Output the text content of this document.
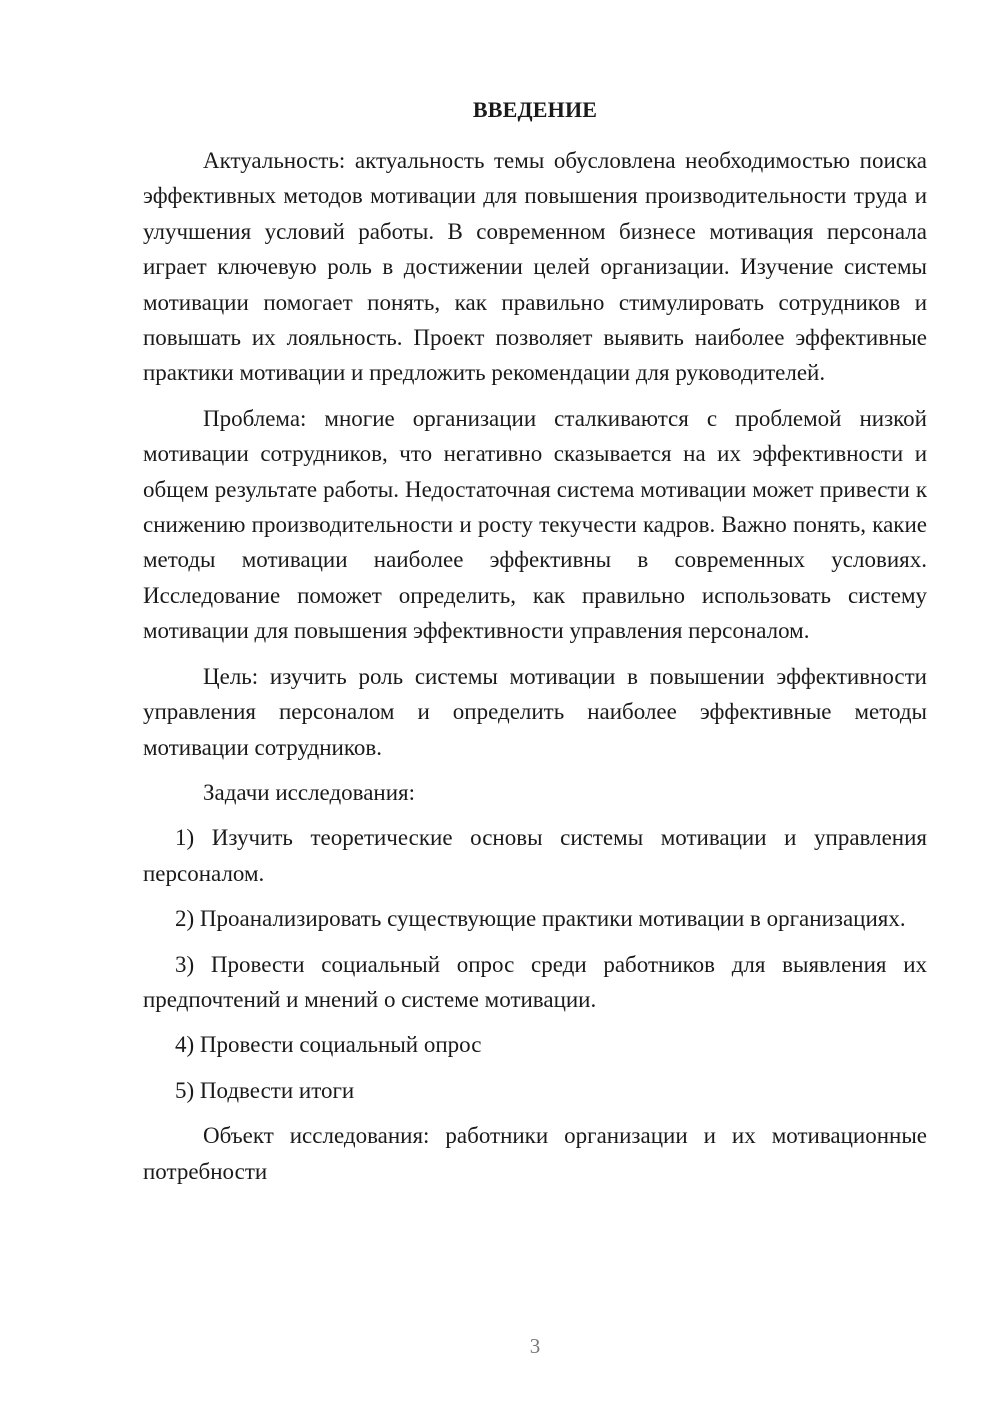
ВВЕДЕНИЕ

Актуальность: актуальность темы обусловлена необходимостью поиска эффективных методов мотивации для повышения производительности труда и улучшения условий работы. В современном бизнесе мотивация персонала играет ключевую роль в достижении целей организации. Изучение системы мотивации помогает понять, как правильно стимулировать сотрудников и повышать их лояльность. Проект позволяет выявить наиболее эффективные практики мотивации и предложить рекомендации для руководителей.

Проблема: многие организации сталкиваются с проблемой низкой мотивации сотрудников, что негативно сказывается на их эффективности и общем результате работы. Недостаточная система мотивации может привести к снижению производительности и росту текучести кадров. Важно понять, какие методы мотивации наиболее эффективны в современных условиях. Исследование поможет определить, как правильно использовать систему мотивации для повышения эффективности управления персоналом.

Цель: изучить роль системы мотивации в повышении эффективности управления персоналом и определить наиболее эффективные методы мотивации сотрудников.

Задачи исследования:

1) Изучить теоретические основы системы мотивации и управления персоналом.

2) Проанализировать существующие практики мотивации в организациях.

3) Провести социальный опрос среди работников для выявления их предпочтений и мнений о системе мотивации.

4) Провести социальный опрос

5) Подвести итоги

Объект исследования: работники организации и их мотивационные потребности

3
